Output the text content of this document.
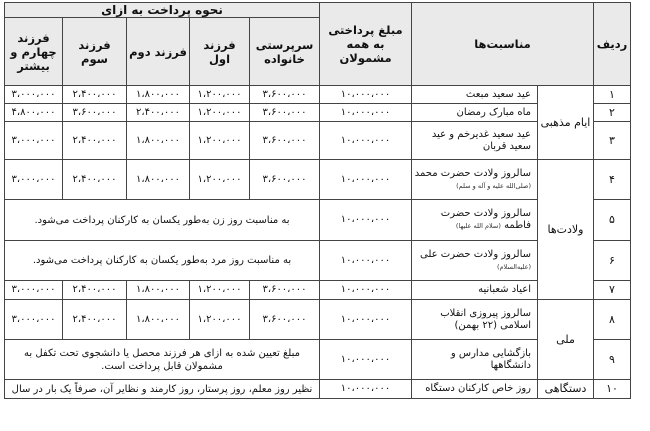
ردیف	مناسبت‌ها		مبلغ پرداختی به همه مشمولان	نحوه پرداخت به ازای				
				سرپرستی خانواده	فرزند اول	فرزند دوم	فرزند سوم	فرزند چهارم و بیشتر
۱	ایام مذهبی	عید سعید مبعث	۱۰،۰۰۰،۰۰۰	۳،۶۰۰،۰۰۰	۱،۲۰۰،۰۰۰	۱،۸۰۰،۰۰۰	۲،۴۰۰،۰۰۰	۳،۰۰۰،۰۰۰
۲		ماه مبارک رمضان	۱۰،۰۰۰،۰۰۰	۳،۶۰۰،۰۰۰	۱،۲۰۰،۰۰۰	۲،۴۰۰،۰۰۰	۳،۶۰۰،۰۰۰	۴،۸۰۰،۰۰۰
۳		عید سعید غدیرخم و عید سعید قربان	۱۰،۰۰۰،۰۰۰	۳،۶۰۰،۰۰۰	۱،۲۰۰،۰۰۰	۱،۸۰۰،۰۰۰	۲،۴۰۰،۰۰۰	۳،۰۰۰،۰۰۰
۴	ولادت‌ها	سالروز ولادت حضرت محمد (صلی‌الله علیه و آله و سلم)	۱۰،۰۰۰،۰۰۰	۳،۶۰۰،۰۰۰	۱،۲۰۰،۰۰۰	۱،۸۰۰،۰۰۰	۲،۴۰۰،۰۰۰	۳،۰۰۰،۰۰۰
۵		سالروز ولادت حضرت فاطمه (سلام الله علیها)	۱۰،۰۰۰،۰۰۰	به مناسبت روز زن به‌طور یکسان به کارکنان پرداخت می‌شود.				
۶		سالروز ولادت حضرت علی (علیه‌السلام)	۱۰،۰۰۰،۰۰۰	به مناسبت روز مرد به‌طور یکسان به کارکنان پرداخت می‌شود.				
۷		اعیاد شعبانیه	۱۰،۰۰۰،۰۰۰	۳،۶۰۰،۰۰۰	۱،۲۰۰،۰۰۰	۱،۸۰۰،۰۰۰	۲،۴۰۰،۰۰۰	۳،۰۰۰،۰۰۰
۸	ملی	سالروز پیروزی انقلاب اسلامی (۲۲ بهمن)	۱۰،۰۰۰،۰۰۰	۳،۶۰۰،۰۰۰	۱،۲۰۰،۰۰۰	۱،۸۰۰،۰۰۰	۲،۴۰۰،۰۰۰	۳،۰۰۰،۰۰۰
۹		بازگشایی مدارس و دانشگاهها	۱۰،۰۰۰،۰۰۰	مبلغ تعیین شده به ازای هر فرزند محصل یا دانشجوی تحت تکفل به مشمولان قابل پرداخت است.				
۱۰	دستگاهی	روز خاص کارکنان دستگاه	۱۰،۰۰۰،۰۰۰	نظیر روز معلم، روز پرستار، روز کارمند و نظایر آن، صرفاً یک بار در سال				
